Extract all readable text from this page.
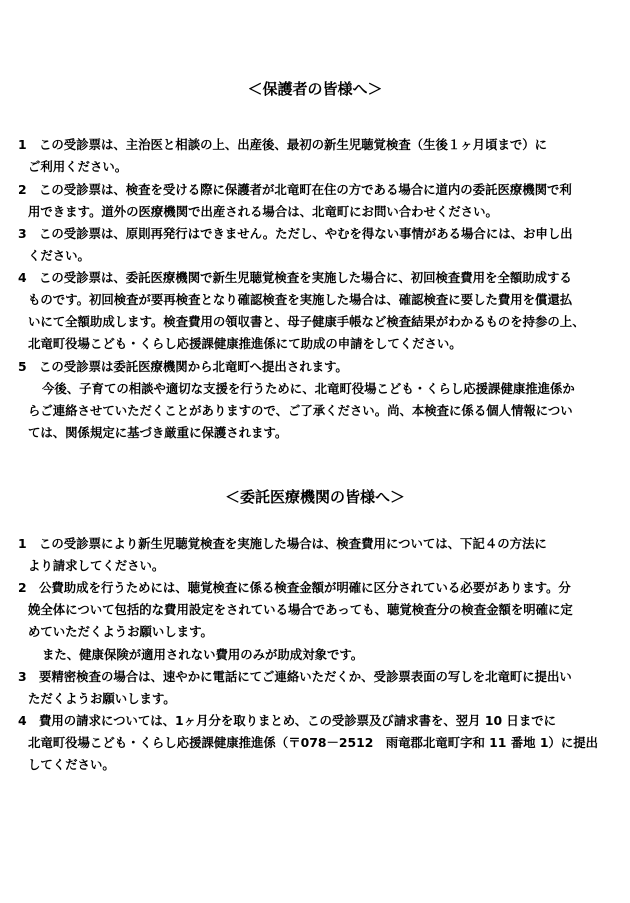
＜保護者の皆様へ＞
1　この受診票は、主治医と相談の上、出産後、最初の新生児聴覚検査（生後１ヶ月頃まで）に
ご利用ください。
2　この受診票は、検査を受ける際に保護者が北竜町在住の方である場合に道内の委託医療機関で利
用できます。道外の医療機関で出産される場合は、北竜町にお問い合わせください。
3　この受診票は、原則再発行はできません。ただし、やむを得ない事情がある場合には、お申し出
ください。
4　この受診票は、委託医療機関で新生児聴覚検査を実施した場合に、初回検査費用を全額助成する
ものです。初回検査が要再検査となり確認検査を実施した場合は、確認検査に要した費用を償還払
いにて全額助成します。検査費用の領収書と、母子健康手帳など検査結果がわかるものを持参の上、
北竜町役場こども・くらし応援課健康推進係にて助成の申請をしてください。
5　この受診票は委託医療機関から北竜町へ提出されます。
今後、子育ての相談や適切な支援を行うために、北竜町役場こども・くらし応援課健康推進係か
らご連絡させていただくことがありますので、ご了承ください。尚、本検査に係る個人情報につい
ては、関係規定に基づき厳重に保護されます。
＜委託医療機関の皆様へ＞
1　この受診票により新生児聴覚検査を実施した場合は、検査費用については、下記４の方法に
より請求してください。
2　公費助成を行うためには、聴覚検査に係る検査金額が明確に区分されている必要があります。分
娩全体について包括的な費用設定をされている場合であっても、聴覚検査分の検査金額を明確に定
めていただくようお願いします。
また、健康保険が適用されない費用のみが助成対象です。
3　要精密検査の場合は、速やかに電話にてご連絡いただくか、受診票表面の写しを北竜町に提出い
ただくようお願いします。
4　費用の請求については、1ヶ月分を取りまとめ、この受診票及び請求書を、翌月 10 日までに
北竜町役場こども・くらし応援課健康推進係（〒078－2512　雨竜郡北竜町字和 11 番地 1）に提出
してください。
